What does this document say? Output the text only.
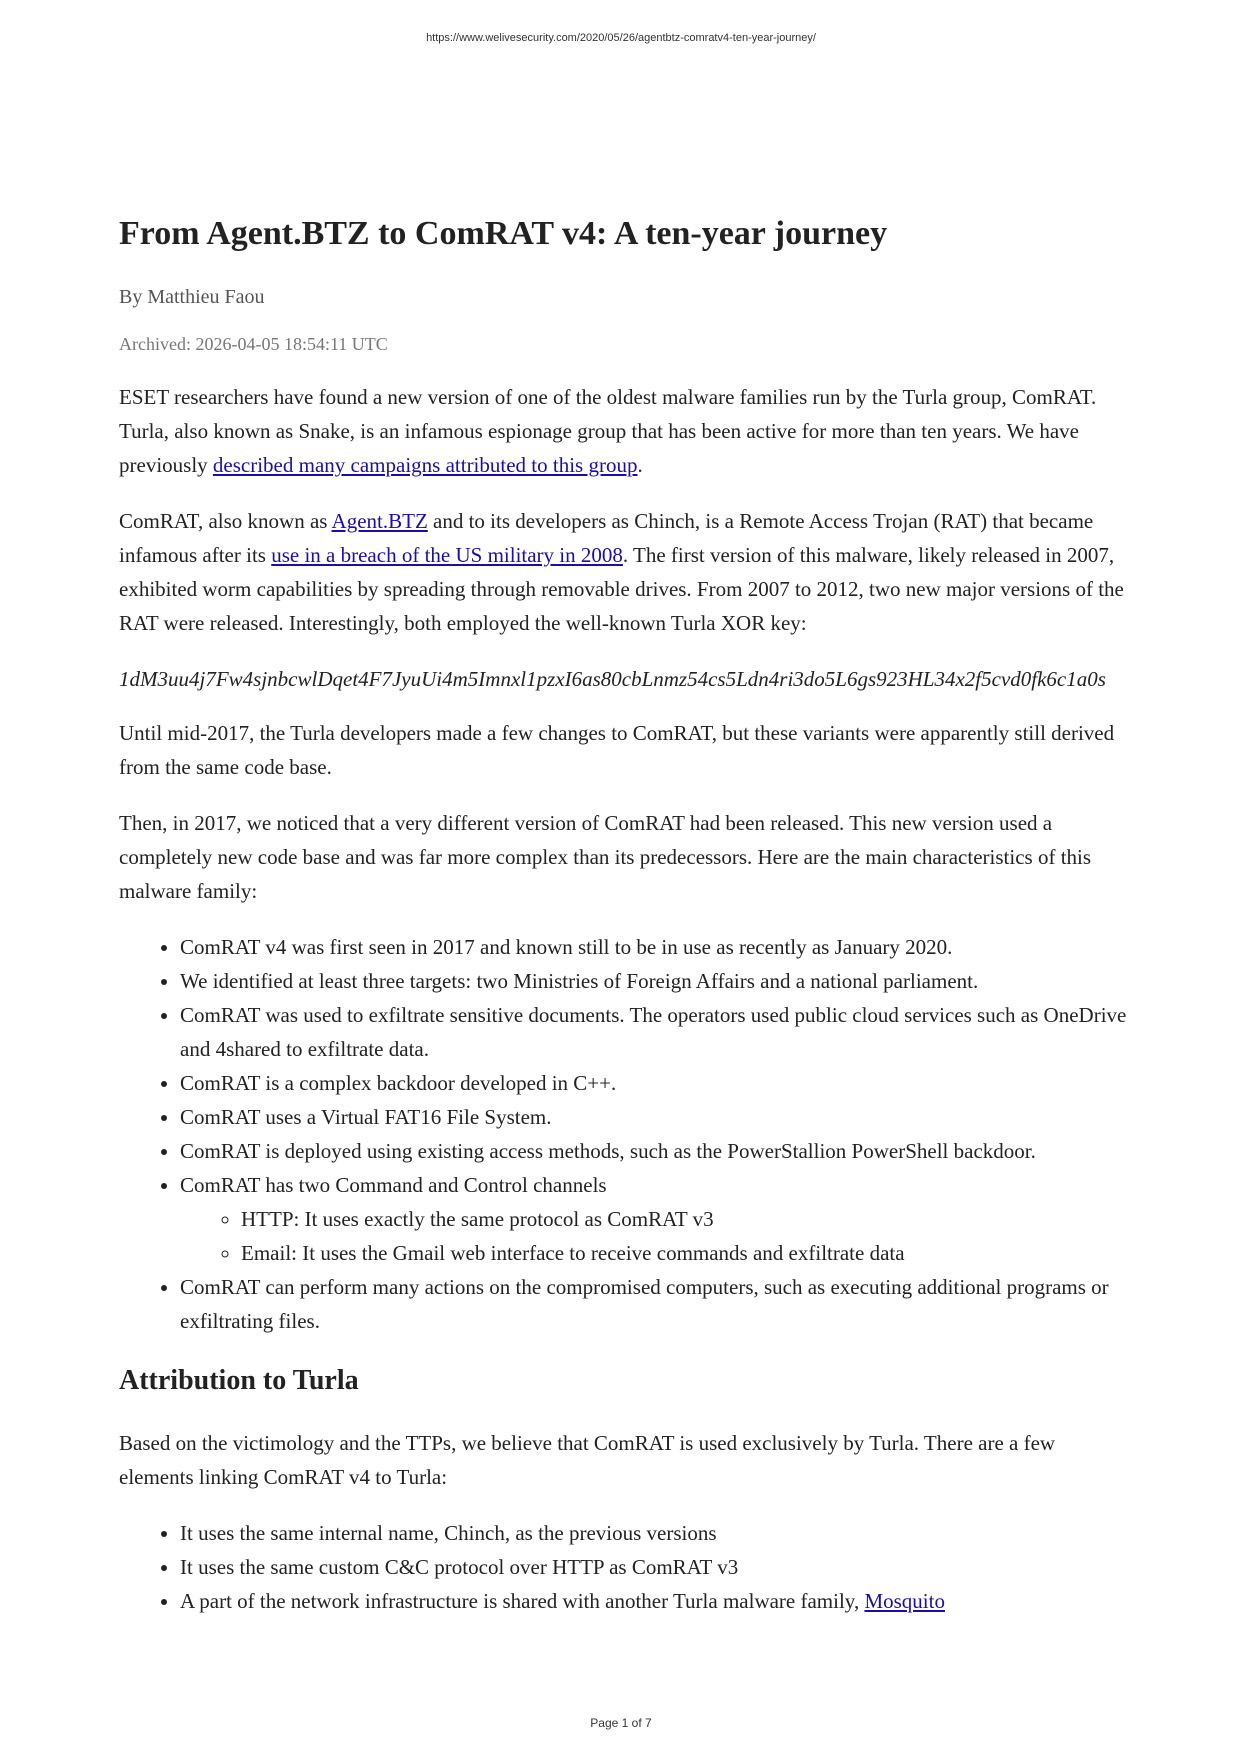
https://www.welivesecurity.com/2020/05/26/agentbtz-comratv4-ten-year-journey/
From Agent.BTZ to ComRAT v4: A ten-year journey
By Matthieu Faou
Archived: 2026-04-05 18:54:11 UTC

ESET researchers have found a new version of one of the oldest malware families run by the Turla group, ComRAT. Turla, also known as Snake, is an infamous espionage group that has been active for more than ten years. We have previously described many campaigns attributed to this group.

ComRAT, also known as Agent.BTZ and to its developers as Chinch, is a Remote Access Trojan (RAT) that became infamous after its use in a breach of the US military in 2008. The first version of this malware, likely released in 2007, exhibited worm capabilities by spreading through removable drives. From 2007 to 2012, two new major versions of the RAT were released. Interestingly, both employed the well-known Turla XOR key:

1dM3uu4j7Fw4sjnbcwlDqet4F7JyuUi4m5Imnxl1pzxI6as80cbLnmz54cs5Ldn4ri3do5L6gs923HL34x2f5cvd0fk6c1a0s

Until mid-2017, the Turla developers made a few changes to ComRAT, but these variants were apparently still derived from the same code base.

Then, in 2017, we noticed that a very different version of ComRAT had been released. This new version used a completely new code base and was far more complex than its predecessors. Here are the main characteristics of this malware family:

• ComRAT v4 was first seen in 2017 and known still to be in use as recently as January 2020.
• We identified at least three targets: two Ministries of Foreign Affairs and a national parliament.
• ComRAT was used to exfiltrate sensitive documents. The operators used public cloud services such as OneDrive and 4shared to exfiltrate data.
• ComRAT is a complex backdoor developed in C++.
• ComRAT uses a Virtual FAT16 File System.
• ComRAT is deployed using existing access methods, such as the PowerStallion PowerShell backdoor.
• ComRAT has two Command and Control channels
◦ HTTP: It uses exactly the same protocol as ComRAT v3
◦ Email: It uses the Gmail web interface to receive commands and exfiltrate data
• ComRAT can perform many actions on the compromised computers, such as executing additional programs or exfiltrating files.
Attribution to Turla

Based on the victimology and the TTPs, we believe that ComRAT is used exclusively by Turla. There are a few elements linking ComRAT v4 to Turla:

• It uses the same internal name, Chinch, as the previous versions
• It uses the same custom C&C protocol over HTTP as ComRAT v3
• A part of the network infrastructure is shared with another Turla malware family, Mosquito
Page 1 of 7
